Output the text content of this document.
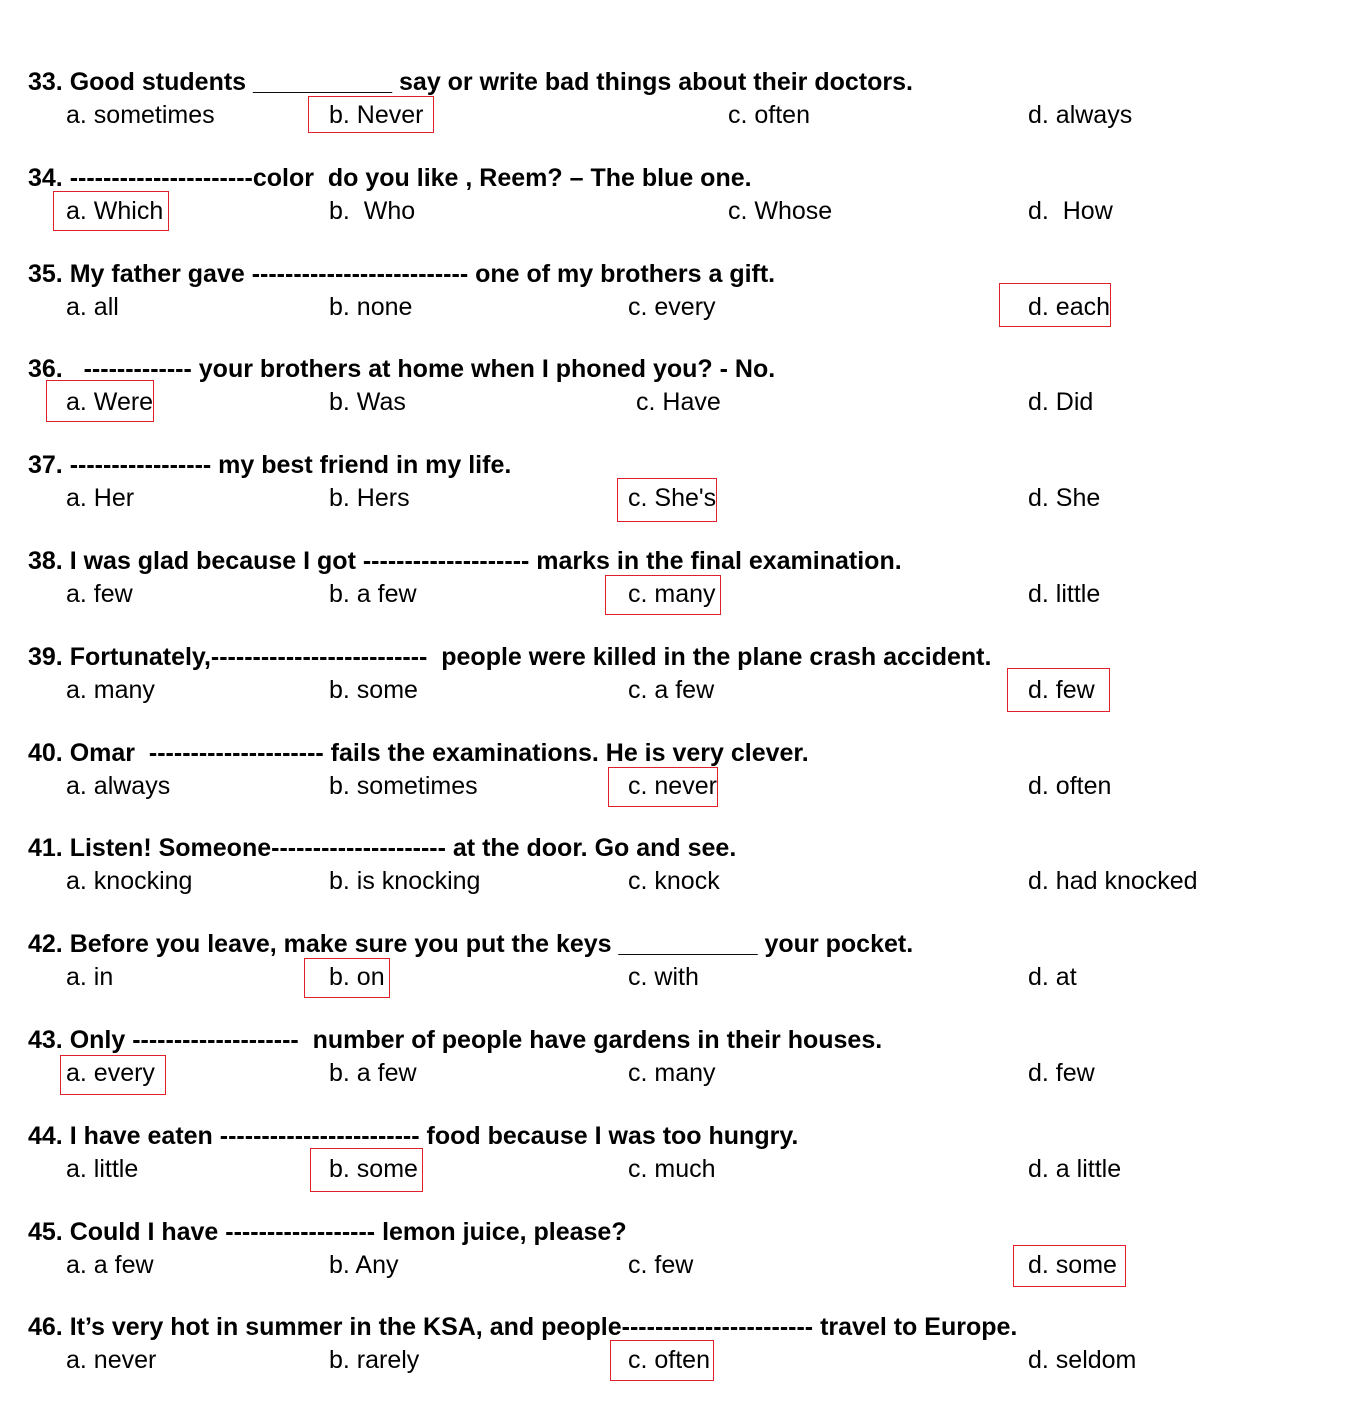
33. Good students __________ say or write bad things about their doctors.
a. sometimes	b. Never	c. often	d. always
34. ----------------------color  do you like , Reem? – The blue one.
a. Which	b.  Who	c. Whose	d.  How
35. My father gave -------------------------- one of my brothers a gift.
a. all	b. none	c. every	d. each
36.   ------------- your brothers at home when I phoned you? - No.
a. Were	b. Was	c. Have	d. Did
37. ----------------- my best friend in my life.
a. Her	b. Hers	c. She's	d. She
38. I was glad because I got -------------------- marks in the final examination.
a. few	b. a few	c. many	d. little
39. Fortunately,--------------------------  people were killed in the plane crash accident.
a. many	b. some	c. a few	d. few
40. Omar  --------------------- fails the examinations. He is very clever.
a. always	b. sometimes	c. never	d. often
41. Listen! Someone--------------------- at the door. Go and see.
a. knocking	b. is knocking	c. knock	d. had knocked
42. Before you leave, make sure you put the keys __________ your pocket.
a. in	b. on	c. with	d. at
43. Only --------------------  number of people have gardens in their houses.
a. every	b. a few	c. many	d. few
44. I have eaten ------------------------ food because I was too hungry.
a. little	b. some	c. much	d. a little
45. Could I have ------------------ lemon juice, please?
a. a few	b. Any	c. few	d. some
46. It’s very hot in summer in the KSA, and people----------------------- travel to Europe.
a. never	b. rarely	c. often	d. seldom
